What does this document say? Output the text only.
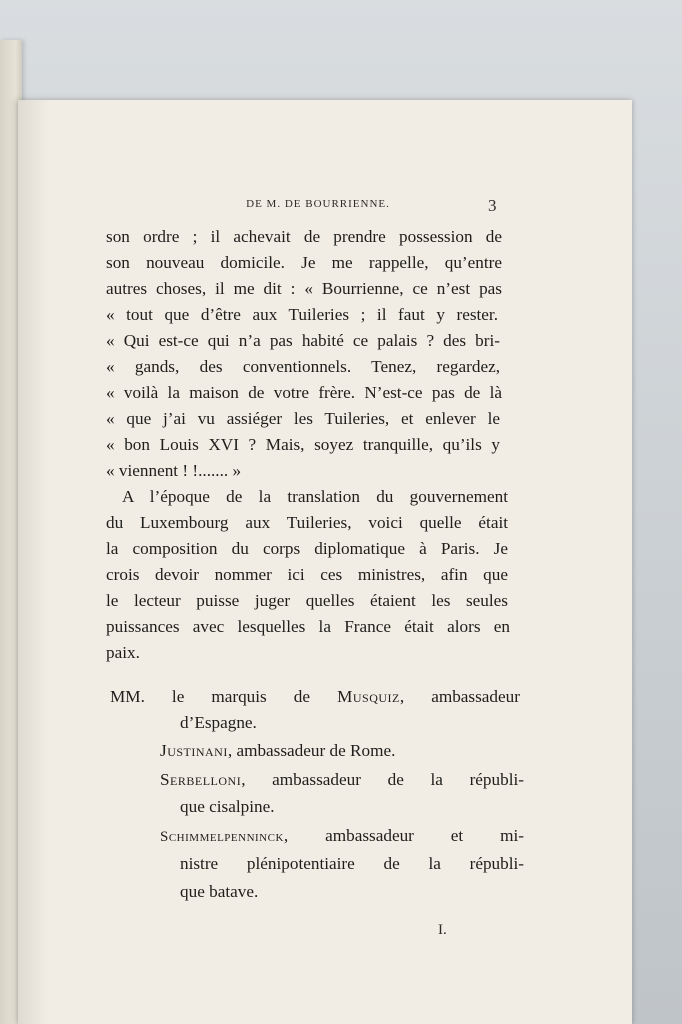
DE M. DE BOURRIENNE.	3
son ordre ; il achevait de prendre possession de
son nouveau domicile. Je me rappelle, qu’entre
autres choses, il me dit : « Bourrienne, ce n’est pas
« tout que d’être aux Tuileries ; il faut y rester.
« Qui est-ce qui n’a pas habité ce palais ? des bri-
« gands, des conventionnels. Tenez, regardez,
« voilà la maison de votre frère. N’est-ce pas de là
« que j’ai vu assiéger les Tuileries, et enlever le
« bon Louis XVI ? Mais, soyez tranquille, qu’ils y
« viennent ! !....... »
A l’époque de la translation du gouvernement
du Luxembourg aux Tuileries, voici quelle était
la composition du corps diplomatique à Paris. Je
crois devoir nommer ici ces ministres, afin que
le lecteur puisse juger quelles étaient les seules
puissances avec lesquelles la France était alors en
paix.
MM. le marquis de Musquiz, ambassadeur
d’Espagne.
Justinani, ambassadeur de Rome.
Serbelloni, ambassadeur de la républi-
que cisalpine.
Schimmelpenninck, ambassadeur et mi-
nistre plénipotentiaire de la républi-
que batave.
I.
